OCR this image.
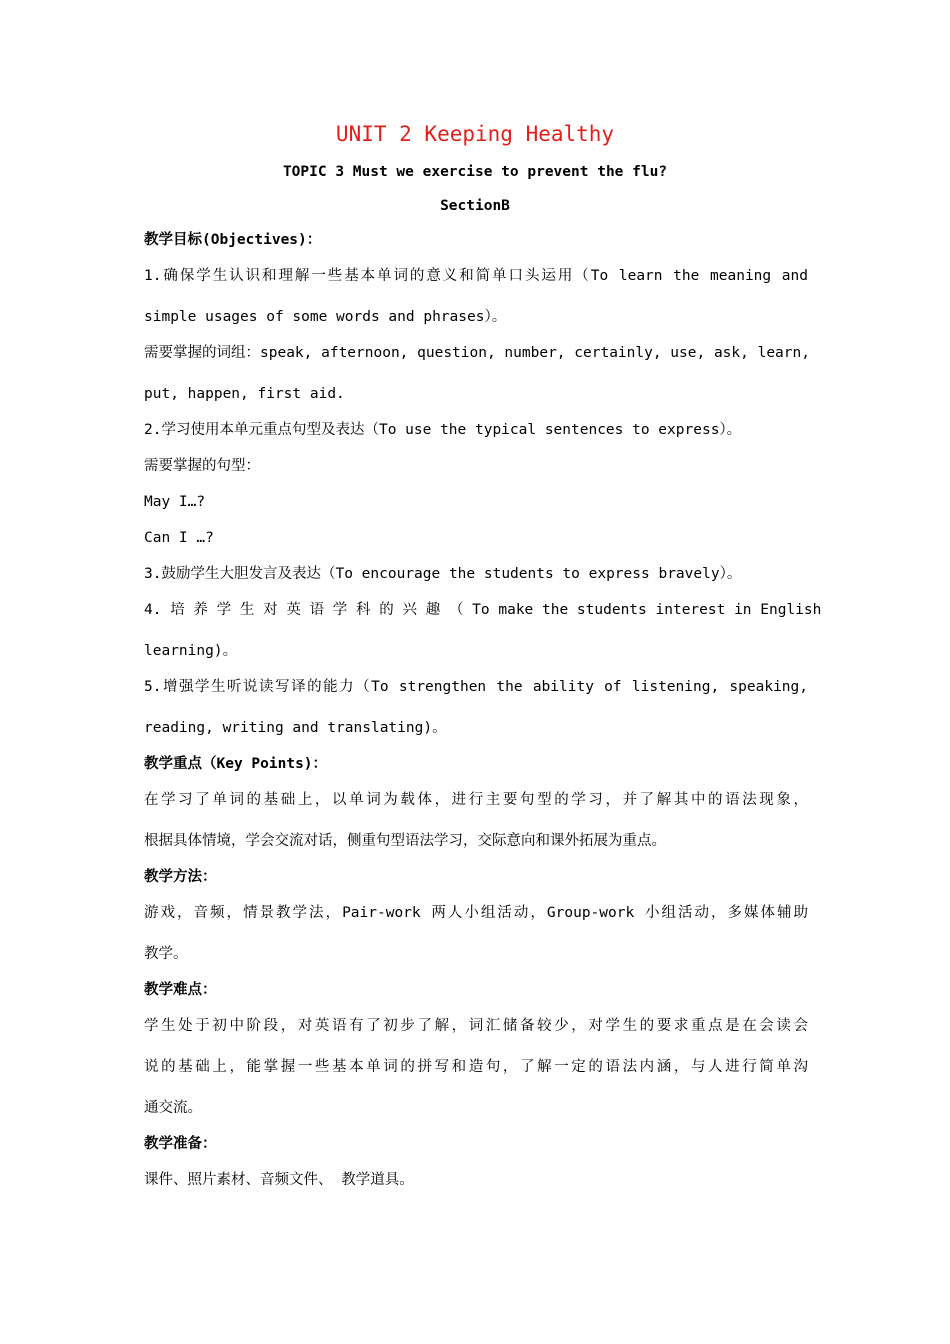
UNIT 2 Keeping Healthy
TOPIC 3 Must we exercise to prevent the flu?
SectionB
教学目标(Objectives)：
1.确保学生认识和理解一些基本单词的意义和简单口头运用（To learn the meaning and
simple usages of some words and phrases）。
需要掌握的词组：speak, afternoon, question, number, certainly, use, ask, learn,
put, happen, first aid.
2.学习使用本单元重点句型及表达（To use the typical sentences to express）。
需要掌握的句型：
May I…?
Can I …?
3.鼓励学生大胆发言及表达（To encourage the students to express bravely）。
4. 培 养 学 生 对 英 语 学 科 的 兴 趣 （ To make the students interest in English
learning)。
5.增强学生听说读写译的能力（To strengthen the ability of listening, speaking,
reading, writing and translating)。
教学重点（Key Points)：
在学习了单词的基础上，以单词为载体，进行主要句型的学习，并了解其中的语法现象，
根据具体情境，学会交流对话，侧重句型语法学习，交际意向和课外拓展为重点。
教学方法：
游戏，音频，情景教学法，Pair-work 两人小组活动，Group-work 小组活动，多媒体辅助
教学。
教学难点：
学生处于初中阶段，对英语有了初步了解，词汇储备较少，对学生的要求重点是在会读会
说的基础上，能掌握一些基本单词的拼写和造句，了解一定的语法内涵，与人进行简单沟
通交流。
教学准备：
课件、照片素材、音频文件、 教学道具。
